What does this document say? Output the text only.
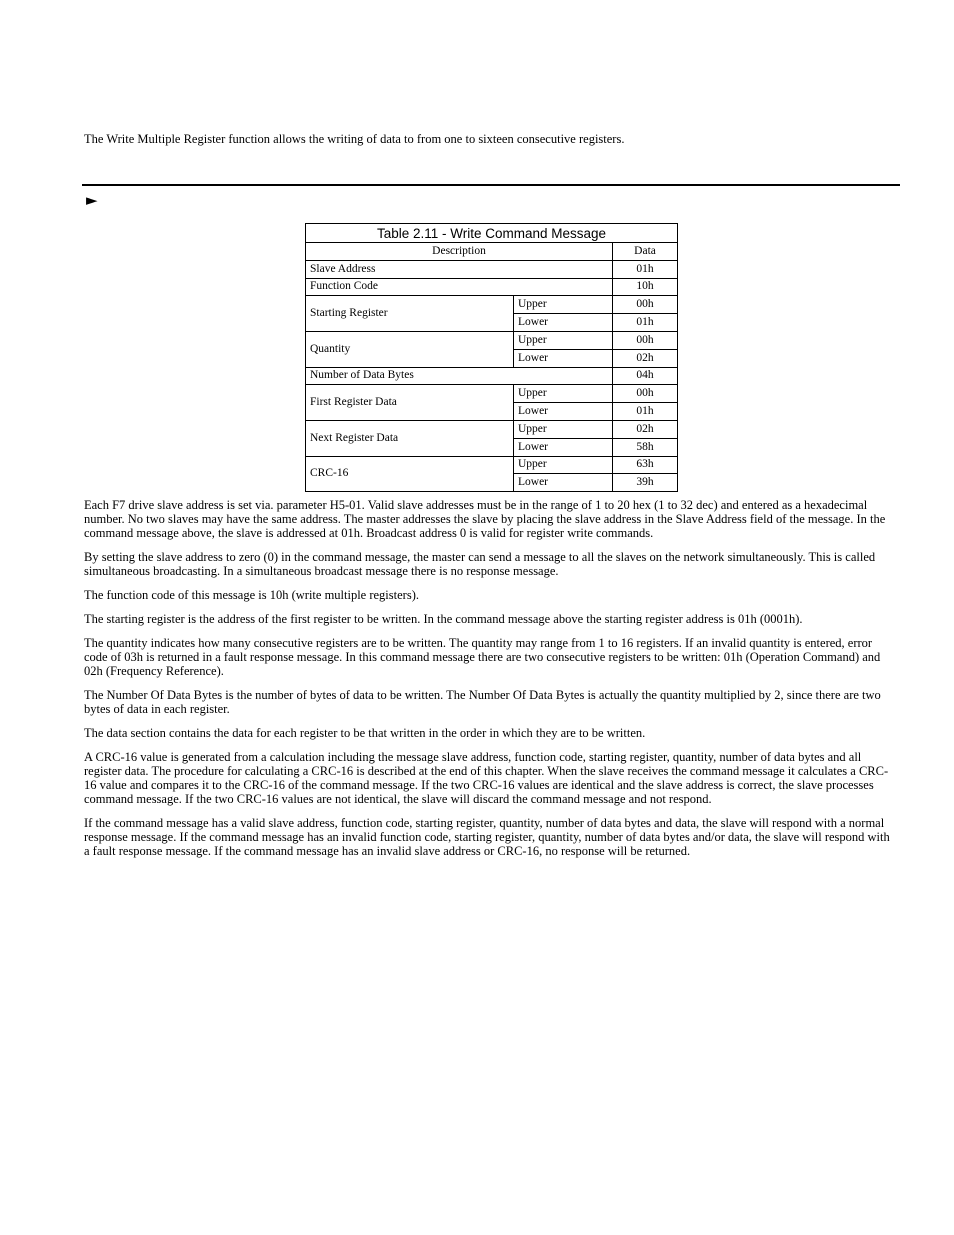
The Write Multiple Register function allows the writing of data to from one to sixteen consecutive registers.

►
Table 2.11 - Write Command Message		
Description		Data
Slave Address		01h
Function Code		10h
Starting Register	Upper	00h
	Lower	01h
Quantity	Upper	00h
	Lower	02h
Number of Data Bytes		04h
First Register Data	Upper	00h
	Lower	01h
Next Register Data	Upper	02h
	Lower	58h
CRC-16	Upper	63h
	Lower	39h

Each F7 drive slave address is set via. parameter H5-01. Valid slave addresses must be in the range of 1 to 20 hex (1 to 32 dec) and entered as a hexadecimal number. No two slaves may have the same address. The master addresses the slave by placing the slave address in the Slave Address field of the message. In the command message above, the slave is addressed at 01h. Broadcast address 0 is valid for register write commands.

By setting the slave address to zero (0) in the command message, the master can send a message to all the slaves on the network simultaneously. This is called simultaneous broadcasting. In a simultaneous broadcast message there is no response message.

The function code of this message is 10h (write multiple registers).

The starting register is the address of the first register to be written. In the command message above the starting register address is 01h (0001h).

The quantity indicates how many consecutive registers are to be written. The quantity may range from 1 to 16 registers. If an invalid quantity is entered, error code of 03h is returned in a fault response message. In this command message there are two consecutive registers to be written: 01h (Operation Command) and 02h (Frequency Reference).

The Number Of Data Bytes is the number of bytes of data to be written. The Number Of Data Bytes is actually the quantity multiplied by 2, since there are two bytes of data in each register.

The data section contains the data for each register to be that written in the order in which they are to be written.

A CRC-16 value is generated from a calculation including the message slave address, function code, starting register, quantity, number of data bytes and all register data. The procedure for calculating a CRC-16 is described at the end of this chapter. When the slave receives the command message it calculates a CRC-16 value and compares it to the CRC-16 of the command message. If the two CRC-16 values are identical and the slave address is correct, the slave processes command message. If the two CRC-16 values are not identical, the slave will discard the command message and not respond.

If the command message has a valid slave address, function code, starting register, quantity, number of data bytes and data, the slave will respond with a normal response message. If the command message has an invalid function code, starting register, quantity, number of data bytes and/or data, the slave will respond with a fault response message. If the command message has an invalid slave address or CRC-16, no response will be returned.
